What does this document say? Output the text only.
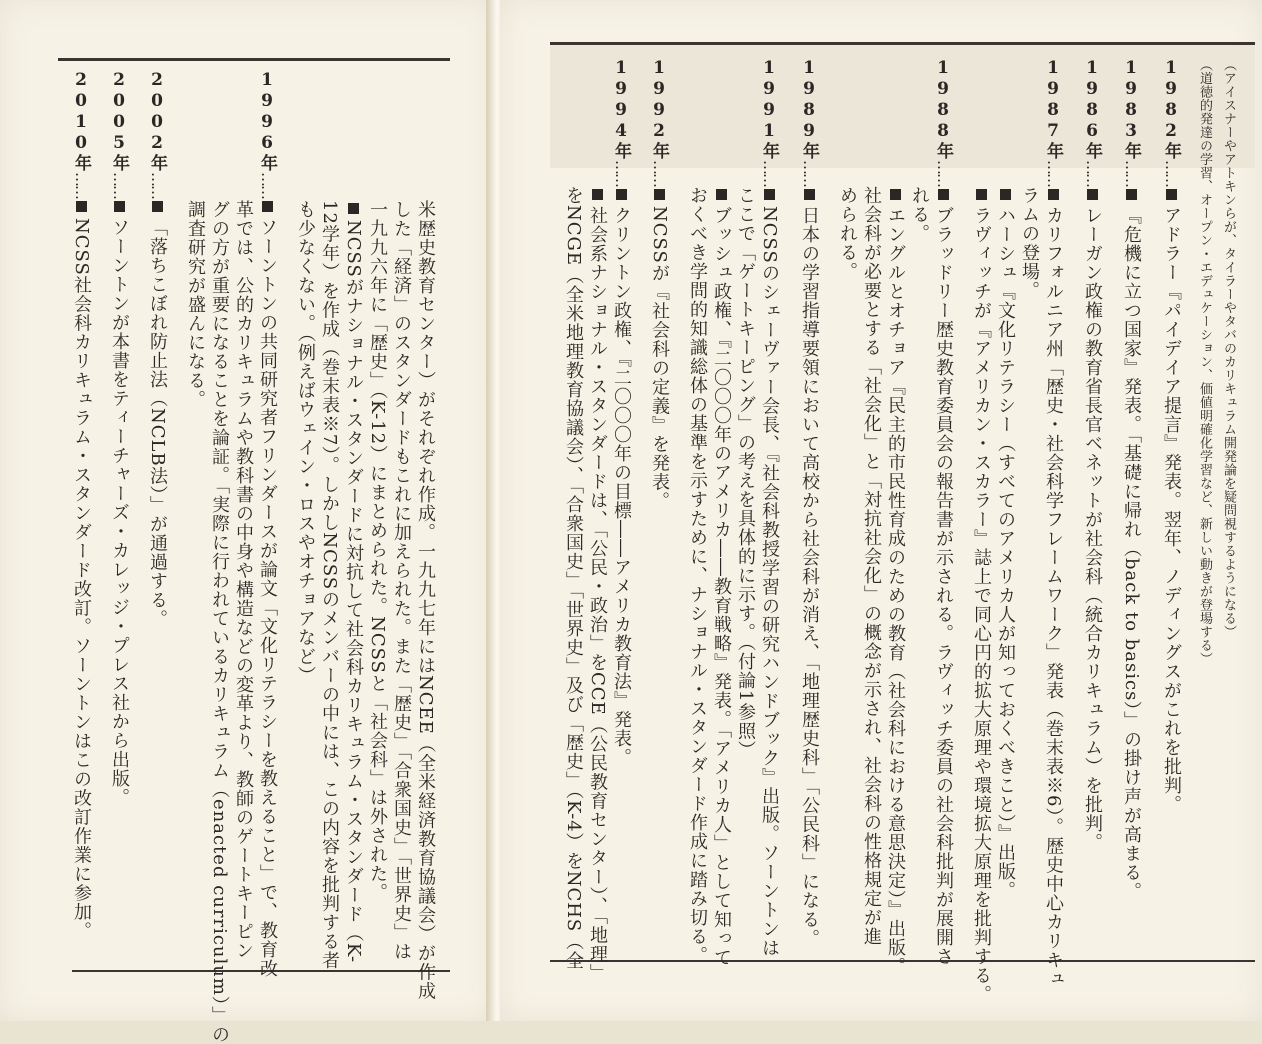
（アイスナーやアトキンらが、タイラーやタバのカリキュラム開発論を疑問視するようになる）
（道徳的発達の学習、オープン・エデュケーション、価値明確化学習など、新しい動きが登場する）
1982年……アドラー『パイデイア提言』発表。翌年、ノディングスがこれを批判。
1983年……『危機に立つ国家』発表。「基礎に帰れ（back to basics）」の掛け声が高まる。
1986年……レーガン政権の教育省長官ベネットが社会科（統合カリキュラム）を批判。
1987年……カリフォルニア州「歴史・社会科学フレームワーク」発表（巻末表※6）。歴史中心カリキュ
ラムの登場。
ハーシュ『文化リテラシー（すべてのアメリカ人が知っておくべきこと）』出版。
ラヴィッチが『アメリカン・スカラー』誌上で同心円的拡大原理や環境拡大原理を批判する。
1988年……ブラッドリー歴史教育委員会の報告書が示される。ラヴィッチ委員の社会科批判が展開さ
れる。
エングルとオチョア『民主的市民性育成のための教育（社会科における意思決定）』出版。
社会科が必要とする「社会化」と「対抗社会化」の概念が示され、社会科の性格規定が進
められる。
1989年……日本の学習指導要領において高校から社会科が消え、「地理歴史科」「公民科」になる。
1991年……NCSSのシェーヴァー会長、『社会科教授学習の研究ハンドブック』出版。ソーントンは
ここで「ゲートキーピング」の考えを具体的に示す。（付論1参照）
ブッシュ政権、『二〇〇〇年のアメリカ――教育戦略』発表。「アメリカ人」として知って
おくべき学問的知識総体の基準を示すために、ナショナル・スタンダード作成に踏み切る。
1992年……NCSSが『社会科の定義』を発表。
1994年……クリントン政権、『二〇〇〇年の目標――アメリカ教育法』発表。
社会系ナショナル・スタンダードは、「公民・政治」をCCE（公民教育センター）、「地理」
をNCGE（全米地理教育協議会）、「合衆国史」「世界史」及び「歴史」（K-4）をNCHS（全
米歴史教育センター）がそれぞれ作成。一九九七年にはNCEE（全米経済教育協議会）が作成
した「経済」のスタンダードもこれに加えられた。また「歴史」「合衆国史」「世界史」は
一九九六年に「歴史」（K-12）にまとめられた。NCSSと「社会科」は外された。
NCSSがナショナル・スタンダードに対抗して社会科カリキュラム・スタンダード（K-
12学年）を作成（巻末表※7）。しかしNCSSのメンバーの中には、この内容を批判する者
も少なくない。（例えばウェイン・ロスやオチョアなど）
1996年……ソーントンの共同研究者フリンダースが論文「文化リテラシーを教えること」で、教育改
革では、公的カリキュラムや教科書の中身や構造などの変革より、教師のゲートキーピン
グの方が重要になることを論証。「実際に行われているカリキュラム（enacted curriculum）」の
調査研究が盛んになる。
2002年……「落ちこぼれ防止法（NCLB法）」が通過する。
2005年……ソーントンが本書をティーチャーズ・カレッジ・プレス社から出版。
2010年……NCSS社会科カリキュラム・スタンダード改訂。ソーントンはこの改訂作業に参加。
